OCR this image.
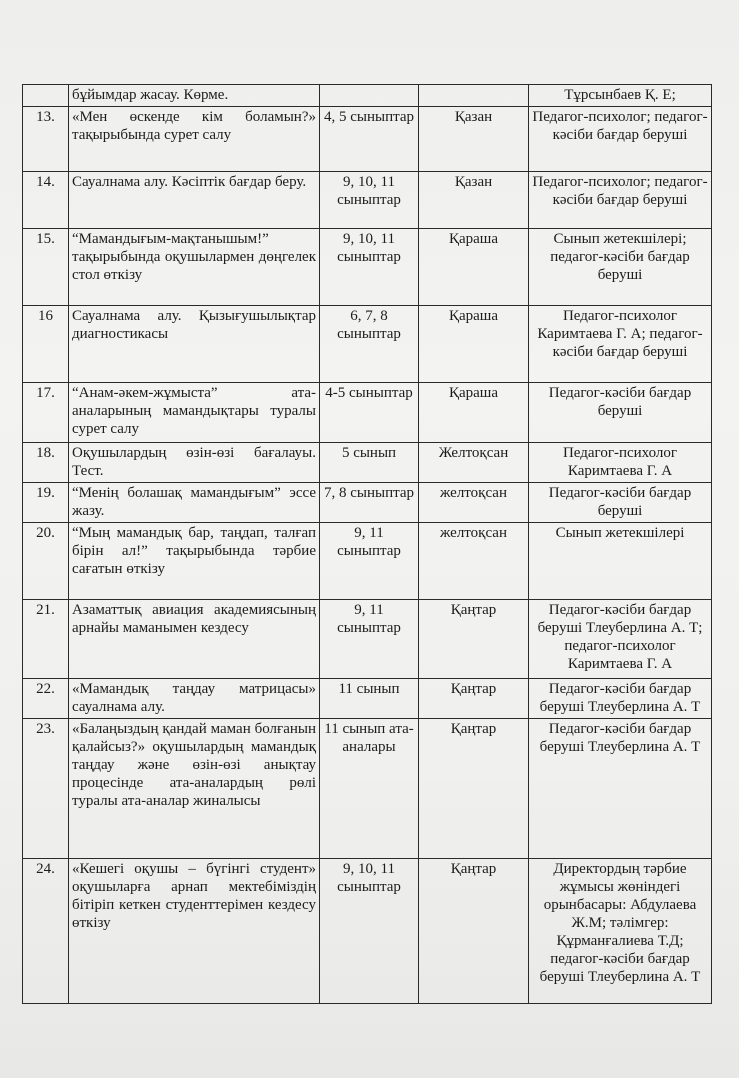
	бұйымдар жасау. Көрме.			Тұрсынбаев Қ. Е;
13.	«Мен өскенде кім боламын?» тақырыбында сурет салу	4, 5 сыныптар	Қазан	Педагог-психолог; педагог-кәсіби бағдар беруші
14.	Сауалнама алу. Кәсіптік бағдар беру.	9, 10, 11 сыныптар	Қазан	Педагог-психолог; педагог-кәсіби бағдар беруші
15.	“Мамандығым-мақтанышым!” тақырыбында оқушылармен дөңгелек стол өткізу	9, 10, 11 сыныптар	Қараша	Сынып жетекшілері; педагог-кәсіби бағдар беруші
16	Сауалнама алу. Қызығушылықтар диагностикасы	6, 7, 8 сыныптар	Қараша	Педагог-психолог Каримтаева Г. А; педагог-кәсіби бағдар беруші
17.	“Анам-әкем-жұмыста” ата-аналарының мамандықтары туралы сурет салу	4-5 сыныптар	Қараша	Педагог-кәсіби бағдар беруші
18.	Оқушылардың өзін-өзі бағалауы. Тест.	5 сынып	Желтоқсан	Педагог-психолог Каримтаева Г. А
19.	“Менің болашақ мамандығым” эссе жазу.	7, 8 сыныптар	желтоқсан	Педагог-кәсіби бағдар беруші
20.	“Мың мамандық бар, таңдап, талғап бірін ал!” тақырыбында тәрбие сағатын өткізу	9, 11 сыныптар	желтоқсан	Сынып жетекшілері
21.	Азаматтық авиация академиясының арнайы маманымен кездесу	9, 11 сыныптар	Қаңтар	Педагог-кәсіби бағдар беруші Тлеуберлина А. Т; педагог-психолог Каримтаева Г. А
22.	«Мамандық таңдау матрицасы» сауалнама алу.	11 сынып	Қаңтар	Педагог-кәсіби бағдар беруші Тлеуберлина А. Т
23.	«Балаңыздың қандай маман болғанын қалайсыз?» оқушылардың мамандық таңдау және өзін-өзі анықтау процесінде ата-аналардың рөлі туралы ата-аналар жиналысы	11 сынып ата-аналары	Қаңтар	Педагог-кәсіби бағдар беруші Тлеуберлина А. Т
24.	«Кешегі оқушы – бүгінгі студент» оқушыларға арнап мектебіміздің бітіріп кеткен студенттерімен кездесу өткізу	9, 10, 11 сыныптар	Қаңтар	Директордың тәрбие жұмысы жөніндегі орынбасары: Абдулаева Ж.М; тәлімгер: Құрманғалиева Т.Д; педагог-кәсіби бағдар беруші Тлеуберлина А. Т
